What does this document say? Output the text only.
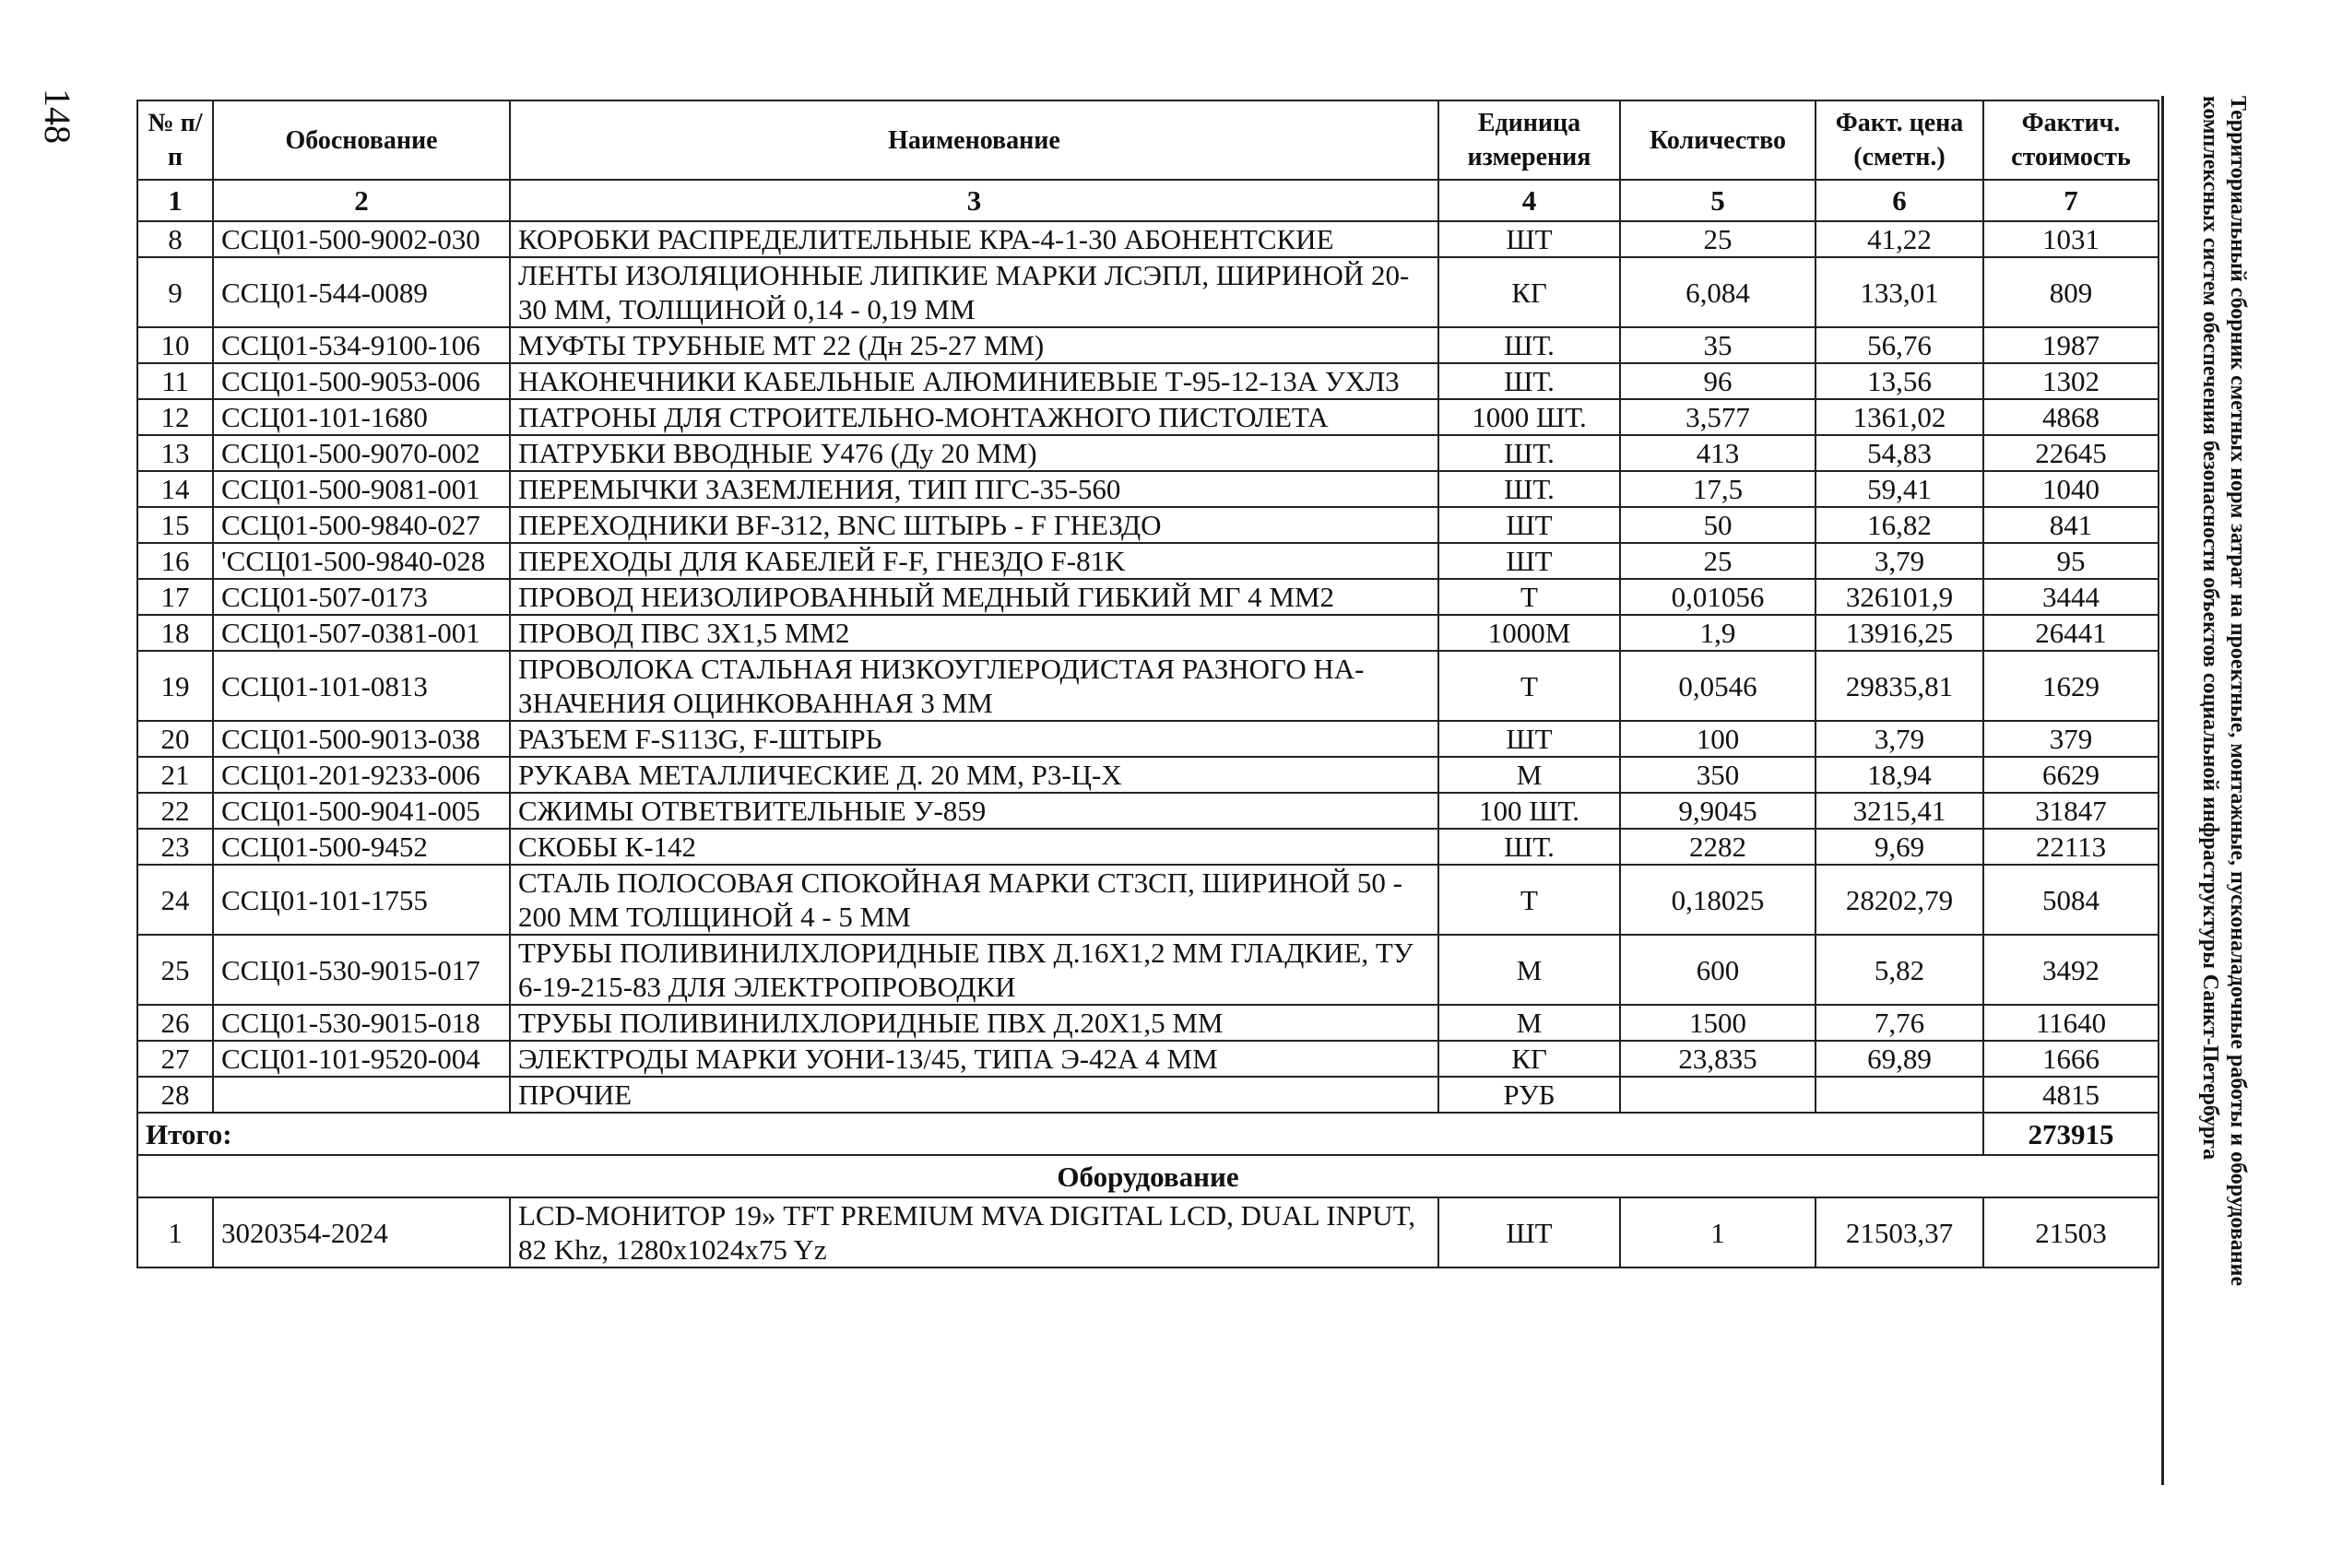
148	Территориальный сборник сметных норм затрат на проектные, монтажные, пусконаладочные работы и оборудование
комплексных систем обеспечения безопасности объектов социальной инфраструктуры Санкт-Петербурга
№ п/п	Обоснование	Наименование	Единица измерения	Количество	Факт. цена (сметн.)	Фактич. стоимость
1	2	3	4	5	6	7
8	ССЦ01-500-9002-030	КОРОБКИ РАСПРЕДЕЛИТЕЛЬНЫЕ КРА-4-1-30 АБОНЕНТСКИЕ	ШТ	25	41,22	1031
9	ССЦ01-544-0089	ЛЕНТЫ ИЗОЛЯЦИОННЫЕ ЛИПКИЕ МАРКИ ЛСЭПЛ, ШИРИНОЙ 20-30 ММ, ТОЛЩИНОЙ 0,14 - 0,19 ММ	КГ	6,084	133,01	809
10	ССЦ01-534-9100-106	МУФТЫ ТРУБНЫЕ МТ 22 (Дн 25-27 ММ)	ШТ.	35	56,76	1987
11	ССЦ01-500-9053-006	НАКОНЕЧНИКИ КАБЕЛЬНЫЕ АЛЮМИНИЕВЫЕ Т-95-12-13А УХЛ3	ШТ.	96	13,56	1302
12	ССЦ01-101-1680	ПАТРОНЫ ДЛЯ СТРОИТЕЛЬНО-МОНТАЖНОГО ПИСТОЛЕТА	1000 ШТ.	3,577	1361,02	4868
13	ССЦ01-500-9070-002	ПАТРУБКИ ВВОДНЫЕ У476 (Ду 20 ММ)	ШТ.	413	54,83	22645
14	ССЦ01-500-9081-001	ПЕРЕМЫЧКИ ЗАЗЕМЛЕНИЯ, ТИП ПГС-35-560	ШТ.	17,5	59,41	1040
15	ССЦ01-500-9840-027	ПЕРЕХОДНИКИ BF-312, BNC ШТЫРЬ - F ГНЕЗДО	ШТ	50	16,82	841
16	'ССЦ01-500-9840-028	ПЕРЕХОДЫ ДЛЯ КАБЕЛЕЙ F-F, ГНЕЗДО F-81K	ШТ	25	3,79	95
17	ССЦ01-507-0173	ПРОВОД НЕИЗОЛИРОВАННЫЙ МЕДНЫЙ ГИБКИЙ МГ 4 ММ2	Т	0,01056	326101,9	3444
18	ССЦ01-507-0381-001	ПРОВОД ПВС 3Х1,5 ММ2	1000М	1,9	13916,25	26441
19	ССЦ01-101-0813	ПРОВОЛОКА СТАЛЬНАЯ НИЗКОУГЛЕРОДИСТАЯ РАЗНОГО НА-ЗНАЧЕНИЯ ОЦИНКОВАННАЯ 3 ММ	Т	0,0546	29835,81	1629
20	ССЦ01-500-9013-038	РАЗЪЕМ F-S113G, F-ШТЫРЬ	ШТ	100	3,79	379
21	ССЦ01-201-9233-006	РУКАВА МЕТАЛЛИЧЕСКИЕ Д. 20 ММ, Р3-Ц-Х	М	350	18,94	6629
22	ССЦ01-500-9041-005	СЖИМЫ ОТВЕТВИТЕЛЬНЫЕ У-859	100 ШТ.	9,9045	3215,41	31847
23	ССЦ01-500-9452	СКОБЫ К-142	ШТ.	2282	9,69	22113
24	ССЦ01-101-1755	СТАЛЬ ПОЛОСОВАЯ СПОКОЙНАЯ МАРКИ СТ3СП, ШИРИНОЙ 50 - 200 ММ ТОЛЩИНОЙ 4 - 5 ММ	Т	0,18025	28202,79	5084
25	ССЦ01-530-9015-017	ТРУБЫ ПОЛИВИНИЛХЛОРИДНЫЕ ПВХ Д.16Х1,2 ММ ГЛАДКИЕ, ТУ 6-19-215-83 ДЛЯ ЭЛЕКТРОПРОВОДКИ	М	600	5,82	3492
26	ССЦ01-530-9015-018	ТРУБЫ ПОЛИВИНИЛХЛОРИДНЫЕ ПВХ Д.20Х1,5 ММ	М	1500	7,76	11640
27	ССЦ01-101-9520-004	ЭЛЕКТРОДЫ МАРКИ УОНИ-13/45, ТИПА Э-42А 4 ММ	КГ	23,835	69,89	1666
28		ПРОЧИЕ	РУБ			4815
Итого:						273915
Оборудование						
1	3020354-2024	LCD-МОНИТОР 19» TFT PREMIUM MVA DIGITAL LCD, DUAL INPUT, 82 Khz, 1280x1024x75 Yz	ШТ	1	21503,37	21503
